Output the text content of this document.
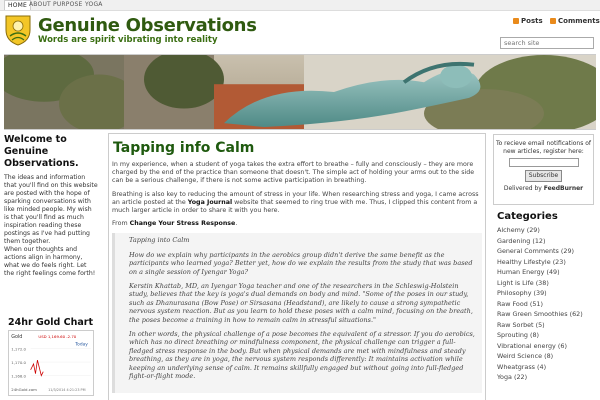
HOME ABOUT PURPOSE YOGA
Genuine Observations
Words are spirit vibrating into reality
Posts	Comments
search site
Welcome to Genuine Observations.
The ideas and information that you'll find on this website are posted with the hope of sparking conversations with like minded people. My wish is that you'll find as much inspiration reading these postings as I've had putting them together.
When our thoughts and actions align in harmony, what we do feels right. Let the right feelings come forth!
24hr Gold Chart
Gold	USD 1,169.60 -2.70
Today
1,172.0
1,170.0
1,168.0
24hGold.com	11/3/2014 4:21:23 PM
Tapping info Calm

In my experience, when a student of yoga takes the extra effort to breathe – fully and consciously – they are more charged by the end of the practice than someone that doesn't. The simple act of holding your arms out to the side can be a serious challenge, if there is not some active participation in breathing.

Breathing is also key to reducing the amount of stress in your life. When researching stress and yoga, I came across an article posted at the Yoga Journal website that seemed to ring true with me. Thus, I clipped this content from a much larger article in order to share it with you here.

From Change Your Stress Response.

Tapping into Calm
How do we explain why participants in the aerobics group didn't derive the same benefit as the participants who learned yoga? Better yet, how do we explain the results from the study that was based on a single session of Iyengar Yoga?
Kerstin Khattab, MD, an Iyengar Yoga teacher and one of the researchers in the Schleswig-Holstein study, believes that the key is yoga's dual demands on body and mind. "Some of the poses in our study, such as Dhanurasana (Bow Pose) or Sirsasana (Headstand), are likely to cause a strong sympathetic nervous system reaction. But as you learn to hold these poses with a calm mind, focusing on the breath, the poses become a training in how to remain calm in stressful situations."
In other words, the physical challenge of a pose becomes the equivalent of a stressor. If you do aerobics, which has no direct breathing or mindfulness component, the physical challenge can trigger a full-fledged stress response in the body. But when physical demands are met with mindfulness and steady breathing, as they are in yoga, the nervous system responds differently: It maintains activation while keeping an underlying sense of calm. It remains skillfully engaged but without going into full-fledged fight-or-flight mode.
To recieve email notifications of new articles, register here:
Subscribe
Delivered by FeedBurner
Categories
Alchemy (29)
Gardening (12)
General Comments (29)
Healthy Lifestyle (23)
Human Energy (49)
Light is Life (38)
Philosophy (39)
Raw Food (51)
Raw Green Smoothies (62)
Raw Sorbet (5)
Sprouting (8)
Vibrational energy (6)
Weird Science (8)
Wheatgrass (4)
Yoga (22)
